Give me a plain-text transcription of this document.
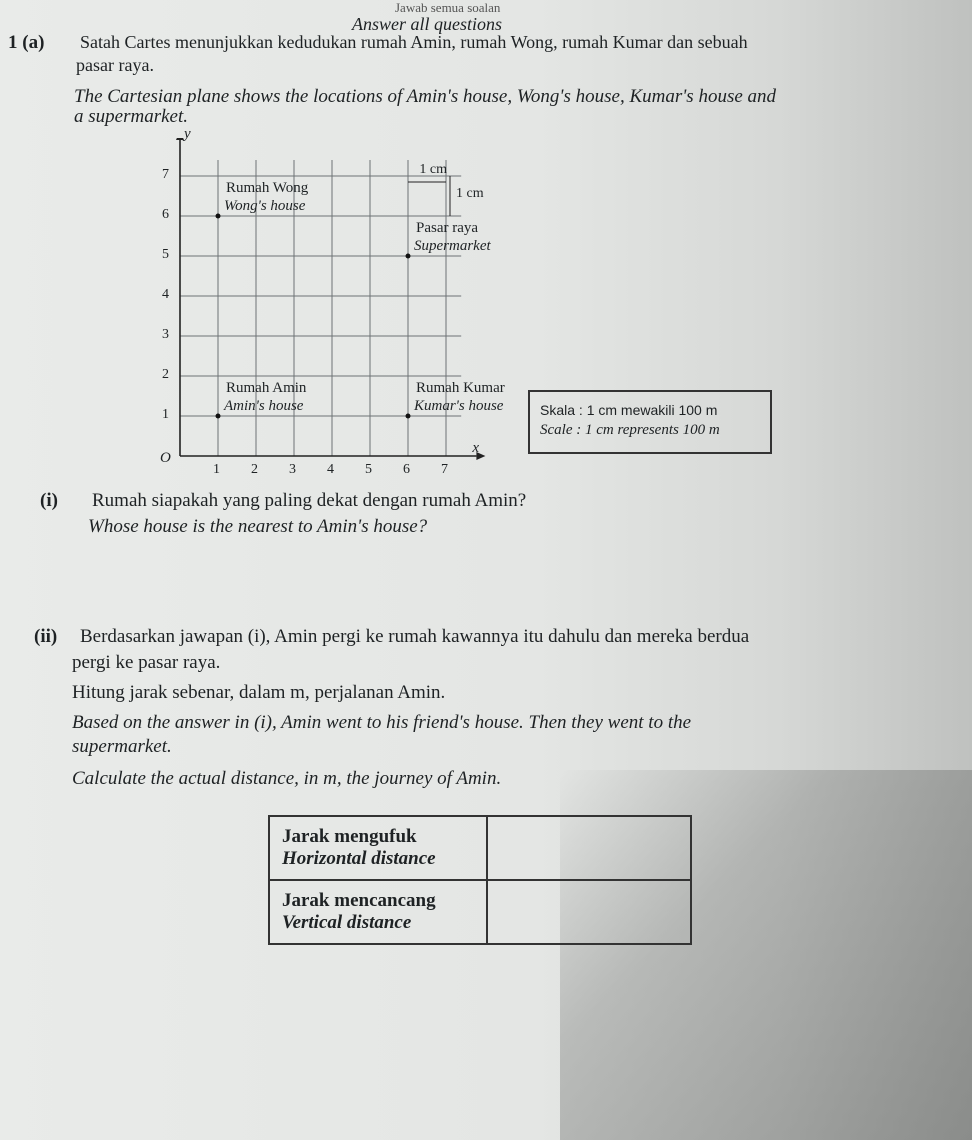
Jawab semua soalan
Answer all questions
1 (a) Satah Cartes menunjukkan kedudukan rumah Amin, rumah Wong, rumah Kumar dan sebuah
pasar raya.
The Cartesian plane shows the locations of Amin's house, Wong's house, Kumar's house and
a supermarket.
1 2 3 4 5 6 7
1
2
3
4
5
6
7
O
x
y
1 cm
1 cm
Rumah Wong
Wong's house
Pasar raya
Supermarket
Rumah Amin
Amin's house
Rumah Kumar
Kumar's house	Skala : 1 cm mewakili 100 m
Scale : 1 cm represents 100 m
(i) Rumah siapakah yang paling dekat dengan rumah Amin?
Whose house is the nearest to Amin's house?
(ii) Berdasarkan jawapan (i), Amin pergi ke rumah kawannya itu dahulu dan mereka berdua
pergi ke pasar raya.
Hitung jarak sebenar, dalam m, perjalanan Amin.
Based on the answer in (i), Amin went to his friend's house. Then they went to the
supermarket.
Calculate the actual distance, in m, the journey of Amin.
Jarak mengufuk
Horizontal distance	

Jarak mencancang
Vertical distance	
